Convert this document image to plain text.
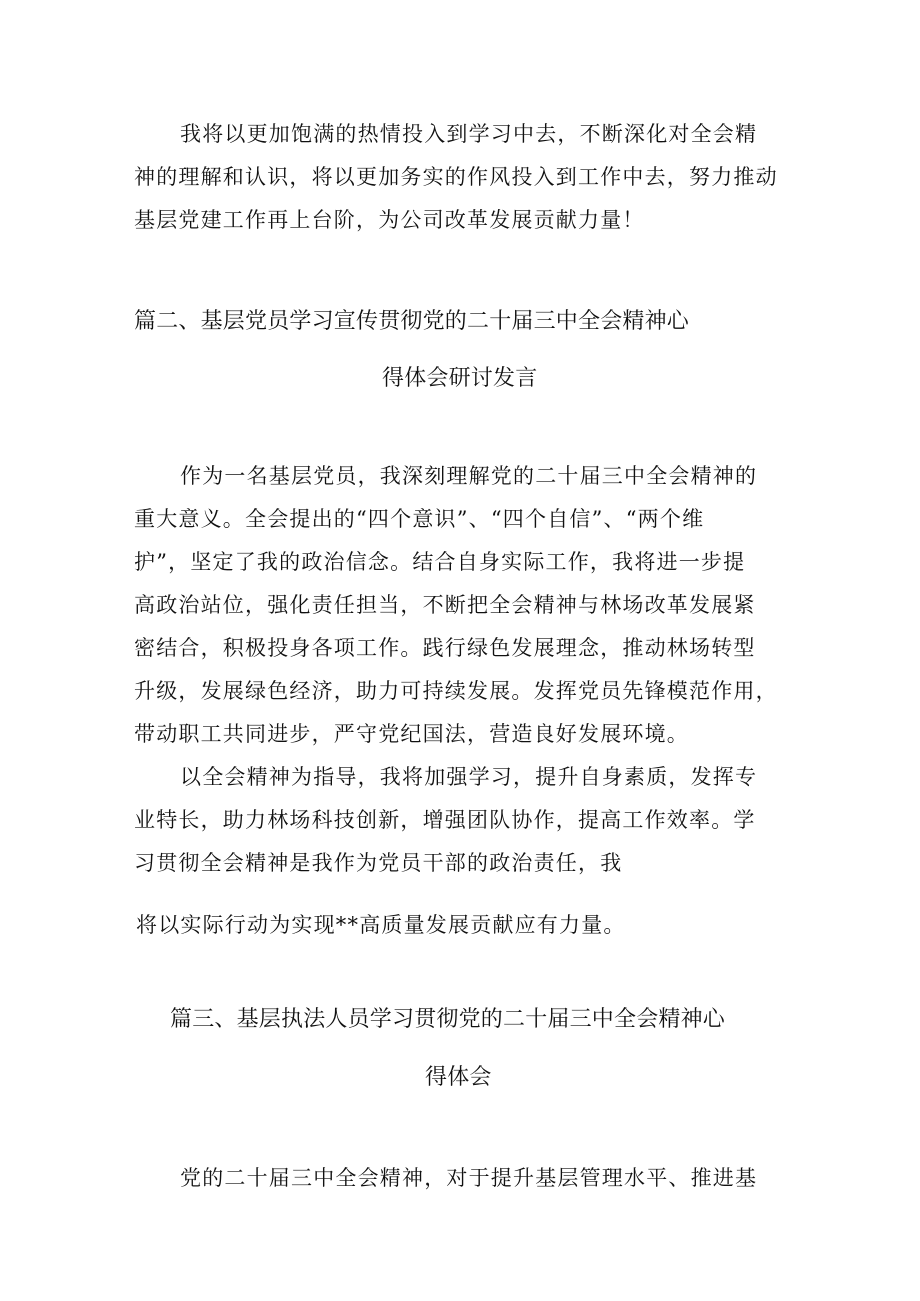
我将以更加饱满的热情投入到学习中去，不断深化对全会精
神的理解和认识，将以更加务实的作风投入到工作中去，努力推动
基层党建工作再上台阶，为公司改革发展贡献力量！
篇二、基层党员学习宣传贯彻党的二十届三中全会精神心
得体会研讨发言
作为一名基层党员，我深刻理解党的二十届三中全会精神的
重大意义。全会提出的“四个意识”、“四个自信”、“两个维
护”，坚定了我的政治信念。结合自身实际工作，我将进一步提
高政治站位，强化责任担当，不断把全会精神与林场改革发展紧
密结合，积极投身各项工作。践行绿色发展理念，推动林场转型
升级，发展绿色经济，助力可持续发展。发挥党员先锋模范作用，
带动职工共同进步，严守党纪国法，营造良好发展环境。
以全会精神为指导，我将加强学习，提升自身素质，发挥专
业特长，助力林场科技创新，增强团队协作，提高工作效率。学
习贯彻全会精神是我作为党员干部的政治责任，我
将以实际行动为实现**高质量发展贡献应有力量。
篇三、基层执法人员学习贯彻党的二十届三中全会精神心
得体会
党的二十届三中全会精神，对于提升基层管理水平、推进基
